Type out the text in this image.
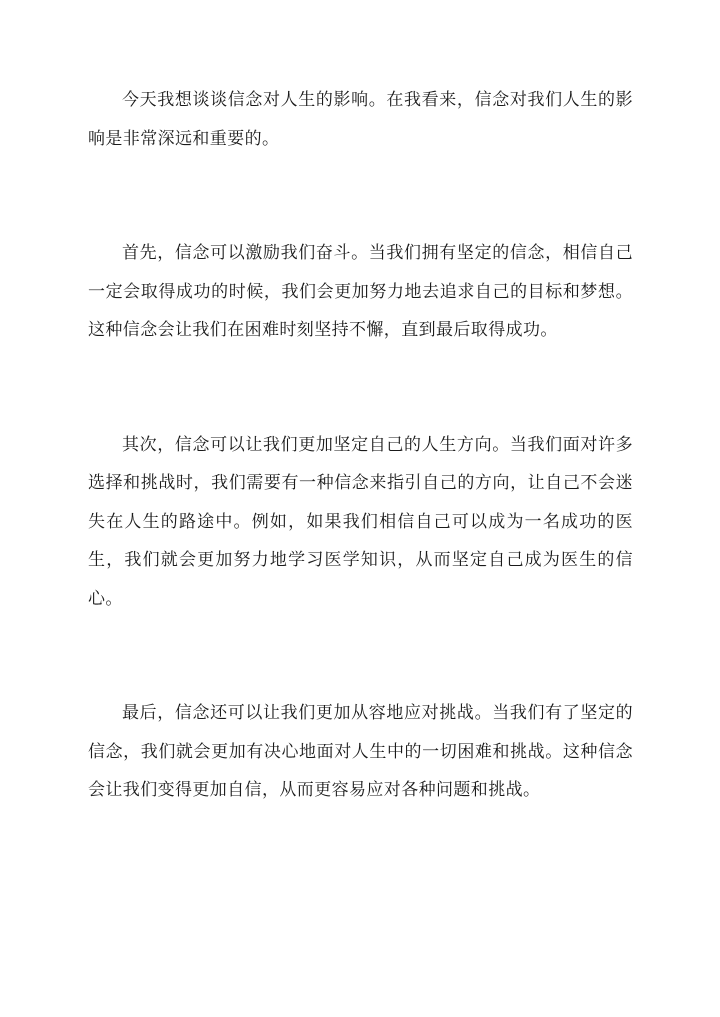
今天我想谈谈信念对人生的影响。在我看来，信念对我们人生的影响是非常深远和重要的。

首先，信念可以激励我们奋斗。当我们拥有坚定的信念，相信自己一定会取得成功的时候，我们会更加努力地去追求自己的目标和梦想。这种信念会让我们在困难时刻坚持不懈，直到最后取得成功。

其次，信念可以让我们更加坚定自己的人生方向。当我们面对许多选择和挑战时，我们需要有一种信念来指引自己的方向，让自己不会迷失在人生的路途中。例如，如果我们相信自己可以成为一名成功的医生，我们就会更加努力地学习医学知识，从而坚定自己成为医生的信心。

最后，信念还可以让我们更加从容地应对挑战。当我们有了坚定的信念，我们就会更加有决心地面对人生中的一切困难和挑战。这种信念会让我们变得更加自信，从而更容易应对各种问题和挑战。
